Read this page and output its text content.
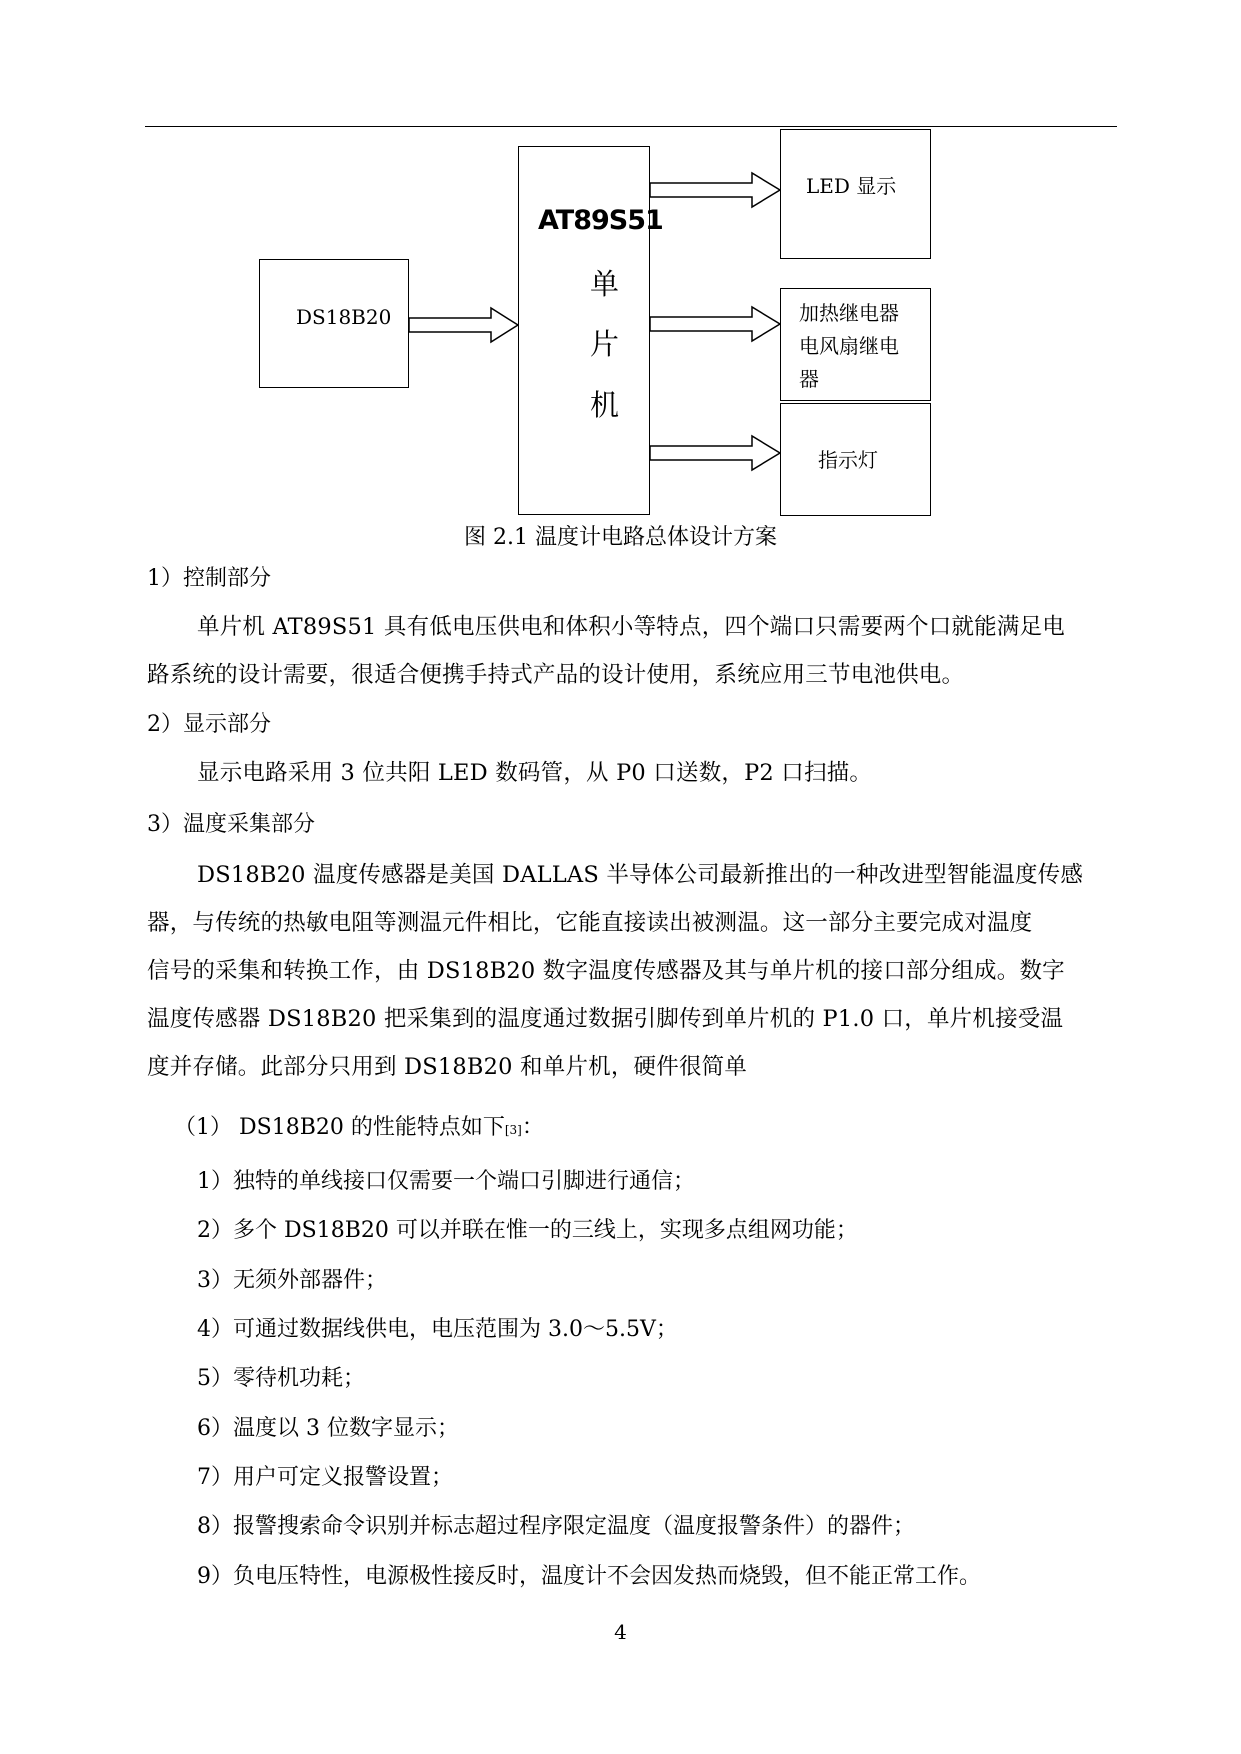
DS18B20
AT89S51
单
片
机
LED 显示
加热继电器
电风扇继电
器
指示灯
图 2.1 温度计电路总体设计方案
1）控制部分
单片机 AT89S51 具有低电压供电和体积小等特点，四个端口只需要两个口就能满足电
路系统的设计需要，很适合便携手持式产品的设计使用，系统应用三节电池供电。
2）显示部分
显示电路采用 3 位共阳 LED 数码管，从 P0 口送数，P2 口扫描。
3）温度采集部分
DS18B20 温度传感器是美国 DALLAS 半导体公司最新推出的一种改进型智能温度传感
器，与传统的热敏电阻等测温元件相比，它能直接读出被测温。这一部分主要完成对温度
信号的采集和转换工作，由 DS18B20 数字温度传感器及其与单片机的接口部分组成。数字
温度传感器 DS18B20 把采集到的温度通过数据引脚传到单片机的 P1.0 口，单片机接受温
度并存储。此部分只用到 DS18B20 和单片机，硬件很简单
（1） DS18B20 的性能特点如下[3]：
1）独特的单线接口仅需要一个端口引脚进行通信；
2）多个 DS18B20 可以并联在惟一的三线上，实现多点组网功能；
3）无须外部器件；
4）可通过数据线供电，电压范围为 3.0～5.5V；
5）零待机功耗；
6）温度以 3 位数字显示；
7）用户可定义报警设置；
8）报警搜索命令识别并标志超过程序限定温度（温度报警条件）的器件；
9）负电压特性，电源极性接反时，温度计不会因发热而烧毁，但不能正常工作。
4
